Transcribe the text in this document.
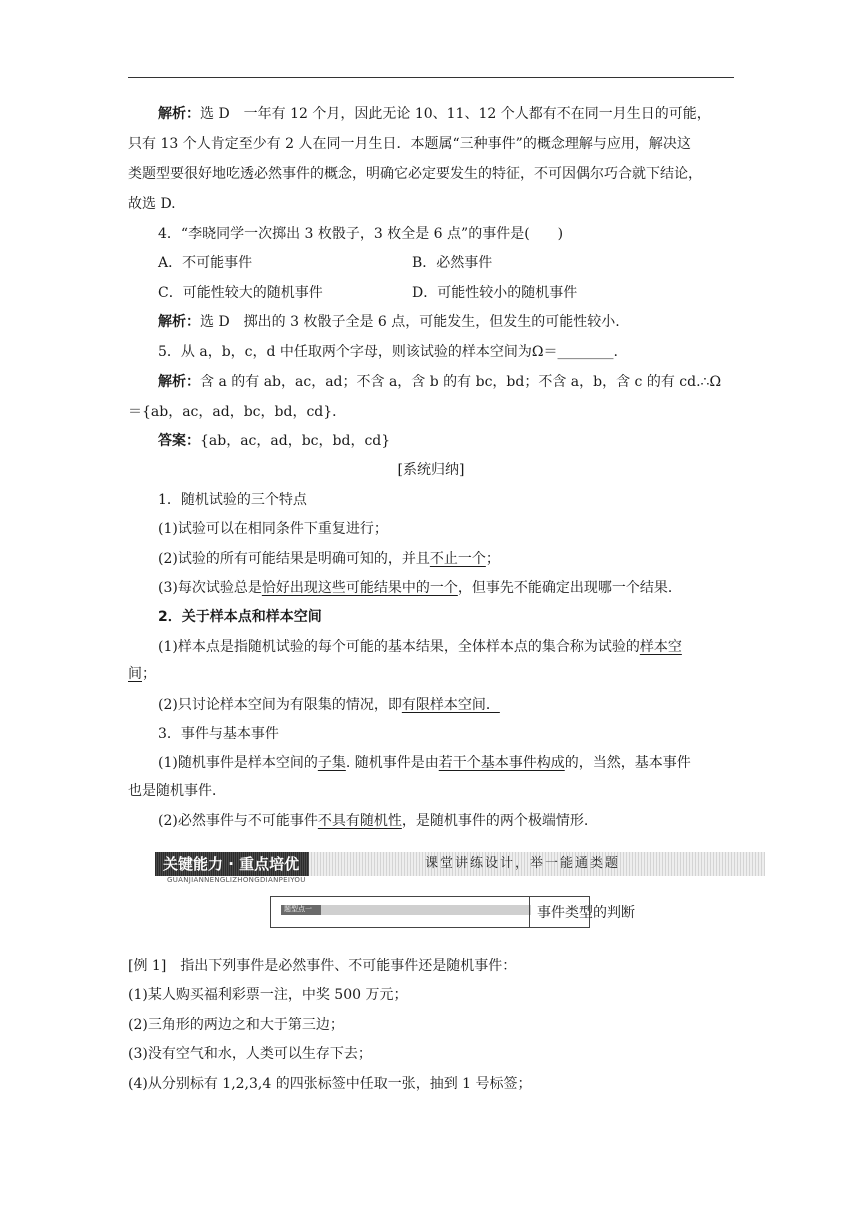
解析：选 D　一年有 12 个月，因此无论 10、11、12 个人都有不在同一月生日的可能，
只有 13 个人肯定至少有 2 人在同一月生日．本题属“三种事件”的概念理解与应用，解决这
类题型要很好地吃透必然事件的概念，明确它必定要发生的特征，不可因偶尔巧合就下结论，
故选 D.
4．“李晓同学一次掷出 3 枚骰子，3 枚全是 6 点”的事件是(　　)
A．不可能事件	B．必然事件
C．可能性较大的随机事件	D．可能性较小的随机事件
解析：选 D　掷出的 3 枚骰子全是 6 点，可能发生，但发生的可能性较小.
5．从 a，b，c，d 中任取两个字母，则该试验的样本空间为Ω＝________.
解析：含 a 的有 ab，ac，ad；不含 a，含 b 的有 bc，bd；不含 a，b，含 c 的有 cd.∴Ω
＝{ab，ac，ad，bc，bd，cd}．
答案：{ab，ac，ad，bc，bd，cd}
[系统归纳]
1．随机试验的三个特点
(1)试验可以在相同条件下重复进行；
(2)试验的所有可能结果是明确可知的，并且不止一个；
(3)每次试验总是恰好出现这些可能结果中的一个，但事先不能确定出现哪一个结果．
2．关于样本点和样本空间
(1)样本点是指随机试验的每个可能的基本结果，全体样本点的集合称为试验的样本空
间；
(2)只讨论样本空间为有限集的情况，即有限样本空间．
3．事件与基本事件
(1)随机事件是样本空间的子集. 随机事件是由若干个基本事件构成的，当然，基本事件
也是随机事件．
(2)必然事件与不可能事件不具有随机性，是随机事件的两个极端情形.
关键能力 · 重点培优
GUANJIANNENGLIZHONGDIANPEIYOU
课堂讲练设计，举一能通类题
题型点一	事件类型的判断
[例 1]　指出下列事件是必然事件、不可能事件还是随机事件：
(1)某人购买福利彩票一注，中奖 500 万元；
(2)三角形的两边之和大于第三边；
(3)没有空气和水，人类可以生存下去；
(4)从分别标有 1,2,3,4 的四张标签中任取一张，抽到 1 号标签；
